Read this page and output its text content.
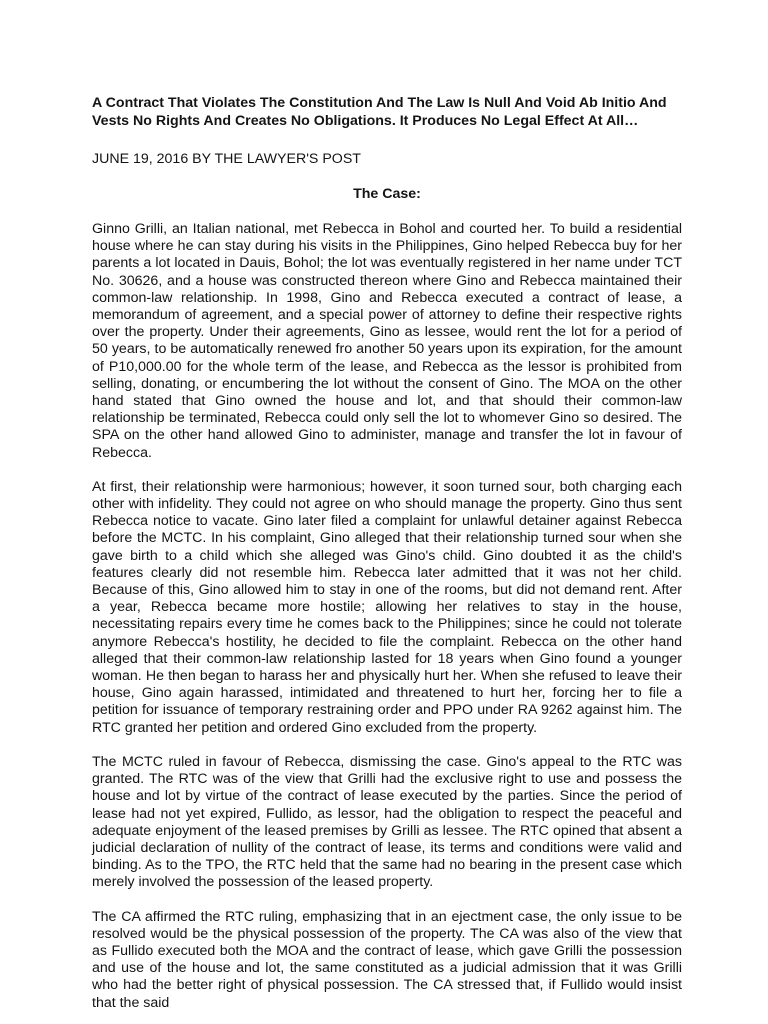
A Contract That Violates The Constitution And The Law Is Null And Void Ab Initio And Vests No Rights And Creates No Obligations. It Produces No Legal Effect At All…

JUNE 19, 2016 BY THE LAWYER'S POST

The Case:

Ginno Grilli, an Italian national, met Rebecca in Bohol and courted her. To build a residential house where he can stay during his visits in the Philippines, Gino helped Rebecca buy for her parents a lot located in Dauis, Bohol; the lot was eventually registered in her name under TCT No. 30626, and a house was constructed thereon where Gino and Rebecca maintained their common-law relationship. In 1998, Gino and Rebecca executed a contract of lease, a memorandum of agreement, and a special power of attorney to define their respective rights over the property. Under their agreements, Gino as lessee, would rent the lot for a period of 50 years, to be automatically renewed fro another 50 years upon its expiration, for the amount of P10,000.00 for the whole term of the lease, and Rebecca as the lessor is prohibited from selling, donating, or encumbering the lot without the consent of Gino. The MOA on the other hand stated that Gino owned the house and lot, and that should their common-law relationship be terminated, Rebecca could only sell the lot to whomever Gino so desired. The SPA on the other hand allowed Gino to administer, manage and transfer the lot in favour of Rebecca.

At first, their relationship were harmonious; however, it soon turned sour, both charging each other with infidelity. They could not agree on who should manage the property. Gino thus sent Rebecca notice to vacate. Gino later filed a complaint for unlawful detainer against Rebecca before the MCTC. In his complaint, Gino alleged that their relationship turned sour when she gave birth to a child which she alleged was Gino's child. Gino doubted it as the child's features clearly did not resemble him. Rebecca later admitted that it was not her child. Because of this, Gino allowed him to stay in one of the rooms, but did not demand rent. After a year, Rebecca became more hostile; allowing her relatives to stay in the house, necessitating repairs every time he comes back to the Philippines; since he could not tolerate anymore Rebecca's hostility, he decided to file the complaint. Rebecca on the other hand alleged that their common-law relationship lasted for 18 years when Gino found a younger woman. He then began to harass her and physically hurt her. When she refused to leave their house, Gino again harassed, intimidated and threatened to hurt her, forcing her to file a petition for issuance of temporary restraining order and PPO under RA 9262 against him. The RTC granted her petition and ordered Gino excluded from the property.

The MCTC ruled in favour of Rebecca, dismissing the case. Gino's appeal to the RTC was granted. The RTC was of the view that Grilli had the exclusive right to use and possess the house and lot by virtue of the contract of lease executed by the parties. Since the period of lease had not yet expired, Fullido, as lessor, had the obligation to respect the peaceful and adequate enjoyment of the leased premises by Grilli as lessee. The RTC opined that absent a judicial declaration of nullity of the contract of lease, its terms and conditions were valid and binding. As to the TPO, the RTC held that the same had no bearing in the present case which merely involved the possession of the leased property.

The CA affirmed the RTC ruling, emphasizing that in an ejectment case, the only issue to be resolved would be the physical possession of the property. The CA was also of the view that as Fullido executed both the MOA and the contract of lease, which gave Grilli the possession and use of the house and lot, the same constituted as a judicial admission that it was Grilli who had the better right of physical possession. The CA stressed that, if Fullido would insist that the said
